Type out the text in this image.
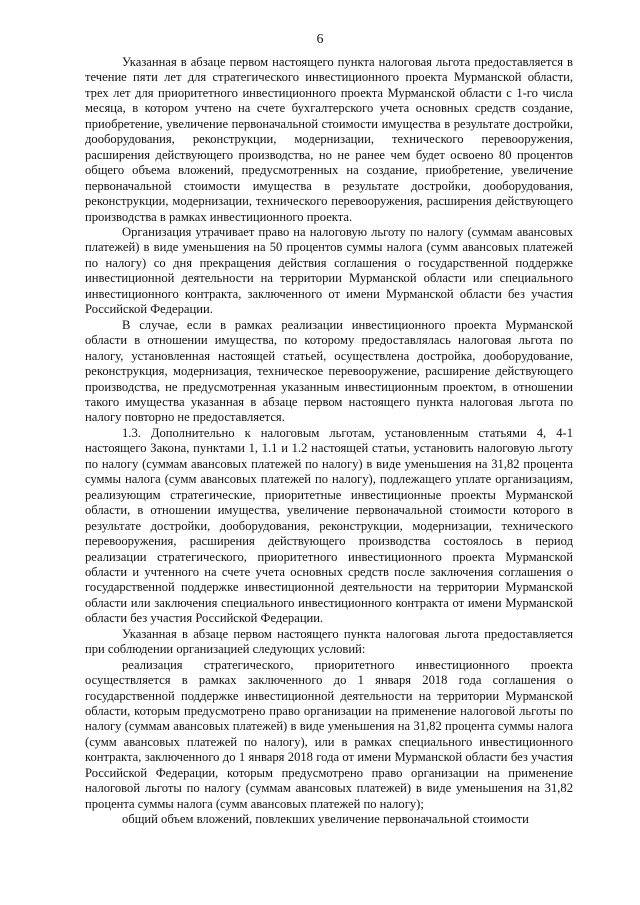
6

Указанная в абзаце первом настоящего пункта налоговая льгота предоставляется в течение пяти лет для стратегического инвестиционного проекта Мурманской области, трех лет для приоритетного инвестиционного проекта Мурманской области с 1-го числа месяца, в котором учтено на счете бухгалтерского учета основных средств создание, приобретение, увеличение первоначальной стоимости имущества в результате достройки, дооборудования, реконструкции, модернизации, технического перевооружения, расширения действующего производства, но не ранее чем будет освоено 80 процентов общего объема вложений, предусмотренных на создание, приобретение, увеличение первоначальной стоимости имущества в результате достройки, дооборудования, реконструкции, модернизации, технического перевооружения, расширения действующего производства в рамках инвестиционного проекта.

Организация утрачивает право на налоговую льготу по налогу (суммам авансовых платежей) в виде уменьшения на 50 процентов суммы налога (сумм авансовых платежей по налогу) со дня прекращения действия соглашения о государственной поддержке инвестиционной деятельности на территории Мурманской области или специального инвестиционного контракта, заключенного от имени Мурманской области без участия Российской Федерации.

В случае, если в рамках реализации инвестиционного проекта Мурманской области в отношении имущества, по которому предоставлялась налоговая льгота по налогу, установленная настоящей статьей, осуществлена достройка, дооборудование, реконструкция, модернизация, техническое перевооружение, расширение действующего производства, не предусмотренная указанным инвестиционным проектом, в отношении такого имущества указанная в абзаце первом настоящего пункта налоговая льгота по налогу повторно не предоставляется.

1.3. Дополнительно к налоговым льготам, установленным статьями 4, 4-1 настоящего Закона, пунктами 1, 1.1 и 1.2 настоящей статьи, установить налоговую льготу по налогу (суммам авансовых платежей по налогу) в виде уменьшения на 31,82 процента суммы налога (сумм авансовых платежей по налогу), подлежащего уплате организациям, реализующим стратегические, приоритетные инвестиционные проекты Мурманской области, в отношении имущества, увеличение первоначальной стоимости которого в результате достройки, дооборудования, реконструкции, модернизации, технического перевооружения, расширения действующего производства состоялось в период реализации стратегического, приоритетного инвестиционного проекта Мурманской области и учтенного на счете учета основных средств после заключения соглашения о государственной поддержке инвестиционной деятельности на территории Мурманской области или заключения специального инвестиционного контракта от имени Мурманской области без участия Российской Федерации.

Указанная в абзаце первом настоящего пункта налоговая льгота предоставляется при соблюдении организацией следующих условий:

реализация стратегического, приоритетного инвестиционного проекта осуществляется в рамках заключенного до 1 января 2018 года соглашения о государственной поддержке инвестиционной деятельности на территории Мурманской области, которым предусмотрено право организации на применение налоговой льготы по налогу (суммам авансовых платежей) в виде уменьшения на 31,82 процента суммы налога (сумм авансовых платежей по налогу), или в рамках специального инвестиционного контракта, заключенного до 1 января 2018 года от имени Мурманской области без участия Российской Федерации, которым предусмотрено право организации на применение налоговой льготы по налогу (суммам авансовых платежей) в виде уменьшения на 31,82 процента суммы налога (сумм авансовых платежей по налогу);

общий объем вложений, повлекших увеличение первоначальной стоимости
